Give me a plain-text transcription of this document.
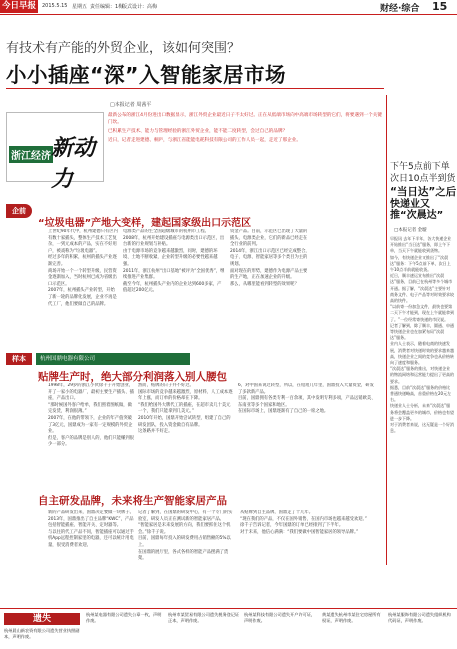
今日早报	2015.5.15 星期五 责任编辑：1梅
版式设计：高梅	财经·综合 15
有技术有产能的外贸企业，该如何突围？
小小插座“深”入智能家居市场
□本报记者 周茜平
浙江经济 新动力

最新公布的浙江4月份进出口数据显示，浙江外贸企业最近日子不太好过。正在从低端市场向中高端市场转型的它们，将要遇到一个关键门坎。

已积累生产技术、能力与管理经验的浙江外贸企业，能不能二度转型，会过自己的品牌？

近日，记者走进建德、桐庐，与浙江省能能电耗科技有限公司的工作人员一起，走近了那企业。

企前
“垃圾电器”产地大变样，建起国家级出口示范区
上世纪90年代中，杭州建德只有区内有数十家插头，整体生产技术工艺复杂，一到元成本的产品，实在不好用户，被戏称为“垃圾电器”。
经过多年的积累，杭州的插头产业逐渐完善。
商场开始一个一个转型升级，民营资金逐渐加入，当时杭州已成为省级出口示范区。
2007年，杭州插头产业转型，开始了新一轮的品牌化发展，企业不再是代工厂，他们要做自己的品牌。
电源类产品的生全国超级城市的杭州市工程。
2008年，杭州开始建设插座与电源类出口示范区，出台新的行业规划与补贴。
由于电源市场的竞争越来越激烈，同时，建德的环境、土地不断收紧，企业转型升级的必要性越来越强。
2011年，浙江杭州“出口基地”被评为“全国优秀”，继续推进产业集群。
截至今年，杭州插头产业内的企业达到600多家，产值超过200亿元。
资金产品。目前，示范区已出现了大量的插头、电源类企业，它们的新品已经走在全行业的前列。
2014年，浙江出口示范区已经完成整合，电子、电源、智能家居等多个类目为主的规划。
面对现在的形势，建德作为电源产品主要的生产地，正在加速企业的升级。
那么，从哪里能看到转型的效果呢？
样本	杭州国鼎电器有限公司
贴牌生产时，绝大部分利润落入别人腰包
1998年，29岁的浙江小伙徐千子开始创业，开了一家小的电器厂，最初主要生产插头、插座，产品出口。
“那时候国外客户给单，我们照着图纸做，做完发货，利润很薄。”
2007年，在他的带领下，企业的年产值突破了3亿元，国鼎成为一家有一定规模的外贸企业。
但是，客户的品牌是别人的，他们只能赚到很少一部分。
然而，贴牌的日子并不好过。
国际市场的竞争越来越激烈，原材料、人工成本逐年上涨，而订单的价格却在下降。
“我们给国外大牌代工的插座，在超市卖几十美元一个，我们只能拿到几美元。”
2010年开始，国鼎开始尝试转型，组建了自己的研发团队，投入资金做自有品牌。
这条路并不好走。
6，对中国来说过转型，所以，在短短几年里，国鼎投入大量资金，研发了多款新产品。
目前，国鼎拥有各类专利一百余项，其中发明专利多项，产品远销欧美、东南亚等多个国家和地区。
在国际市场上，国鼎逐渐有了自己的一席之地。
自主研发品牌，未来将生产智能家居产品
新的产品研发出来，国鼎决定要做一块牌子。
2013年，国鼎推出了自主品牌“KWC”，产品包括智能插座、智能开关、定时器等。
与以往的代工产品不同，智能插座可以通过手机App远程控制家里的电器，还可以统计用电量，很受消费者欢迎。
记者了解到，在国鼎的研发中心，有一个专门的实验室，研发人员正在测试新的智能家居产品。
“智能家居是未来发展的方向，我们要抓住这个机会。”徐千子说。
目前，国鼎每年投入的研发费用占销售额的5%以上。
在国鼎的展厅里，各式各样的智能产品摆满了货架。
从贴牌到自主品牌，国鼎走了十几年。
“现在我们的产品，不仅在国外销售，在国内市场也越来越受欢迎。”
徐千子告诉记者，今年国鼎的订单已经排到了下半年。
对于未来，他信心满满：“我们要做中国智能家居的领导品牌。”
下午5点前下单
次日10点半到货
“当日达”之后
快递业又推“次晨达”
□本报记者 金璇
早报讯 去年下半年，各大快递企业开始推出“当日达”服务，即上午下单，当天下午就能收到货物。
如今，有快递企业又推出了“次晨达”服务：下午5点前下单，次日上午10点半前就能收货。
近日，顺丰速运宣布推出“次晨达”服务，目前已在杭州等多个城市开通。据了解，“次晨达”主要针对商务文件、电子产品等对时效要求较高的快件。
“以前寄一份加急文件，最快也要第二天下午才能到，现在上午就能拿到了。”一位经常寄快递的市民说。
记者了解到，除了顺丰，圆通、申通等快递企业也在加紧布局“次晨达”服务。
业内人士表示，随着电商的快速发展，消费者对快递时效的要求越来越高，快递企业之间的竞争也从价格转向了速度和服务。
“次晨达”服务的推出，对快递企业的物流网络和运营能力提出了更高的要求。
据悉，目前“次晨达”服务的价格比普通快递略高，首重价格在20元左右。
快递业人士分析，未来“次晨达”服务将会覆盖更多的城市，价格也有望进一步下降。
对于消费者来说，这无疑是一个好消息。
遗失
杭州晨山新农资有限公司遗失营业执照副本，声明作废。
杭州某电器有限公司遗失公章一枚，声明作废。
杭州市某贸易有限公司遗失税务登记证正本，声明作废。
杭州某科技有限公司遗失开户许可证，声明作废。
黄某遗失杭州市某住宅房屋所有权证，声明作废。
杭州某服饰有限公司遗失组织机构代码证，声明作废。
